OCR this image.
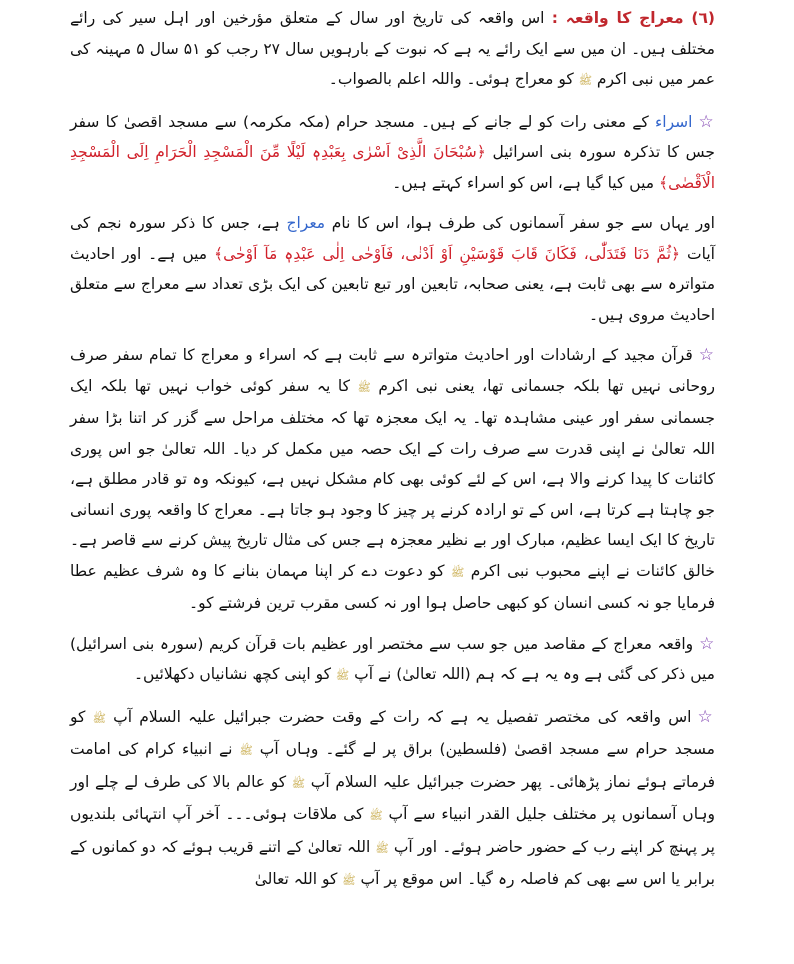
(٦) معراج کا واقعہ : اس واقعہ کی تاریخ اور سال کے متعلق مؤرخین اور اہل سیر کی رائے مختلف ہیں۔ ان میں سے ایک رائے یہ ہے کہ نبوت کے بارہویں سال ۲۷ رجب کو ۵۱ سال ۵ مہینہ کی عمر میں نبی اکرم ﷺ کو معراج ہوئی۔ واللہ اعلم بالصواب۔

☆اسراء کے معنی رات کو لے جانے کے ہیں۔ مسجد حرام (مکہ مکرمہ) سے مسجد اقصیٰ کا سفر جس کا تذکرہ سورہ بنی اسرائیل ﴿سُبْحَانَ الَّذِیْ اَسْرٰی بِعَبْدِہٖ لَیْلًا مِّنَ الْمَسْجِدِ الْحَرَامِ اِلَی الْمَسْجِدِ الْاَقْصٰی﴾ میں کیا گیا ہے، اس کو اسراء کہتے ہیں۔

اور یہاں سے جو سفر آسمانوں کی طرف ہوا، اس کا نام معراج ہے، جس کا ذکر سورہ نجم کی آیات ﴿ثُمَّ دَنَا فَتَدَلّٰی، فَکَانَ قَابَ قَوْسَیْنِ اَوْ اَدْنٰی، فَاَوْحٰی اِلٰی عَبْدِہٖ مَآ اَوْحٰی﴾ میں ہے۔ اور احادیث متواترہ سے بھی ثابت ہے، یعنی صحابہ، تابعین اور تبع تابعین کی ایک بڑی تعداد سے معراج سے متعلق احادیث مروی ہیں۔

☆قرآن مجید کے ارشادات اور احادیث متواترہ سے ثابت ہے کہ اسراء و معراج کا تمام سفر صرف روحانی نہیں تھا بلکہ جسمانی تھا، یعنی نبی اکرم ﷺ کا یہ سفر کوئی خواب نہیں تھا بلکہ ایک جسمانی سفر اور عینی مشاہدہ تھا۔ یہ ایک معجزہ تھا کہ مختلف مراحل سے گزر کر اتنا بڑا سفر اللہ تعالیٰ نے اپنی قدرت سے صرف رات کے ایک حصہ میں مکمل کر دیا۔ اللہ تعالیٰ جو اس پوری کائنات کا پیدا کرنے والا ہے، اس کے لئے کوئی بھی کام مشکل نہیں ہے، کیونکہ وہ تو قادر مطلق ہے، جو چاہتا ہے کرتا ہے، اس کے تو ارادہ کرنے پر چیز کا وجود ہو جاتا ہے۔ معراج کا واقعہ پوری انسانی تاریخ کا ایک ایسا عظیم، مبارک اور بے نظیر معجزہ ہے جس کی مثال تاریخ پیش کرنے سے قاصر ہے۔ خالق کائنات نے اپنے محبوب نبی اکرم ﷺ کو دعوت دے کر اپنا مہمان بنانے کا وہ شرف عظیم عطا فرمایا جو نہ کسی انسان کو کبھی حاصل ہوا اور نہ کسی مقرب ترین فرشتے کو۔

☆واقعہ معراج کے مقاصد میں جو سب سے مختصر اور عظیم بات قرآن کریم (سورہ بنی اسرائیل) میں ذکر کی گئی ہے وہ یہ ہے کہ ہم (اللہ تعالیٰ) نے آپ ﷺ کو اپنی کچھ نشانیاں دکھلائیں۔

☆اس واقعہ کی مختصر تفصیل یہ ہے کہ رات کے وقت حضرت جبرائیل علیہ السلام آپ ﷺ کو مسجد حرام سے مسجد اقصیٰ (فلسطین) براق پر لے گئے۔ وہاں آپ ﷺ نے انبیاء کرام کی امامت فرماتے ہوئے نماز پڑھائی۔ پھر حضرت جبرائیل علیہ السلام آپ ﷺ کو عالم بالا کی طرف لے چلے اور وہاں آسمانوں پر مختلف جلیل القدر انبیاء سے آپ ﷺ کی ملاقات ہوئی۔۔۔ آخر آپ انتہائی بلندیوں پر پہنچ کر اپنے رب کے حضور حاضر ہوئے۔ اور آپ ﷺ اللہ تعالیٰ کے اتنے قریب ہوئے کہ دو کمانوں کے برابر یا اس سے بھی کم فاصلہ رہ گیا۔ اس موقع پر آپ ﷺ کو اللہ تعالیٰ
